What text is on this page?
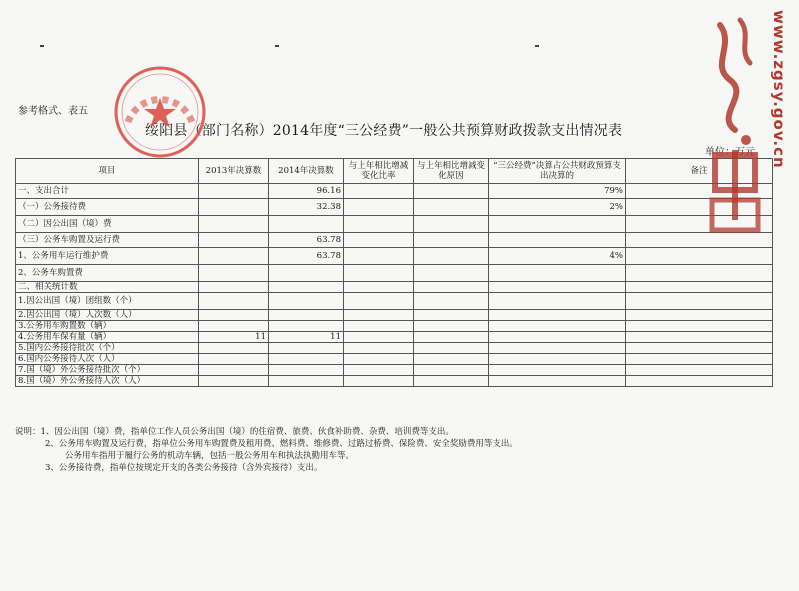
参考格式、表五
绥阳县（部门名称）2014年度“三公经费”一般公共预算财政拨款支出情况表
单位：万元
项目	2013年决算数	2014年决算数	与上年相比增减变化比率	与上年相比增减变化原因	“三公经费”决算占公共财政预算支出决算的	备注
一、支出合计		96.16			79%	
（一）公务接待费		32.38			2%	
（二）因公出国（境）费						
（三）公务车购置及运行费		63.78				
1、公务用车运行维护费		63.78			4%	
2、公务车购置费						
二、相关统计数						
1.因公出国（境）团组数（个）						
2.因公出国（境）人次数（人）						
3.公务用车购置数（辆）						
4.公务用车保有量（辆）	11	11				
5.国内公务接待批次（个）						
6.国内公务接待人次（人）						
7.国（境）外公务接待批次（个）						
8.国（境）外公务接待人次（人）						
说明：1、因公出国（境）费，指单位工作人员公务出国（境）的住宿费、旅费、伙食补助费、杂费、培训费等支出。
2、公务用车购置及运行费，指单位公务用车购置费及租用费、燃料费、维修费、过路过桥费、保险费、安全奖励费用等支出。
公务用车指用于履行公务的机动车辆，包括一般公务用车和执法执勤用车等。
3、公务接待费，指单位按规定开支的各类公务接待（含外宾接待）支出。
www.zgsy.gov.cn
